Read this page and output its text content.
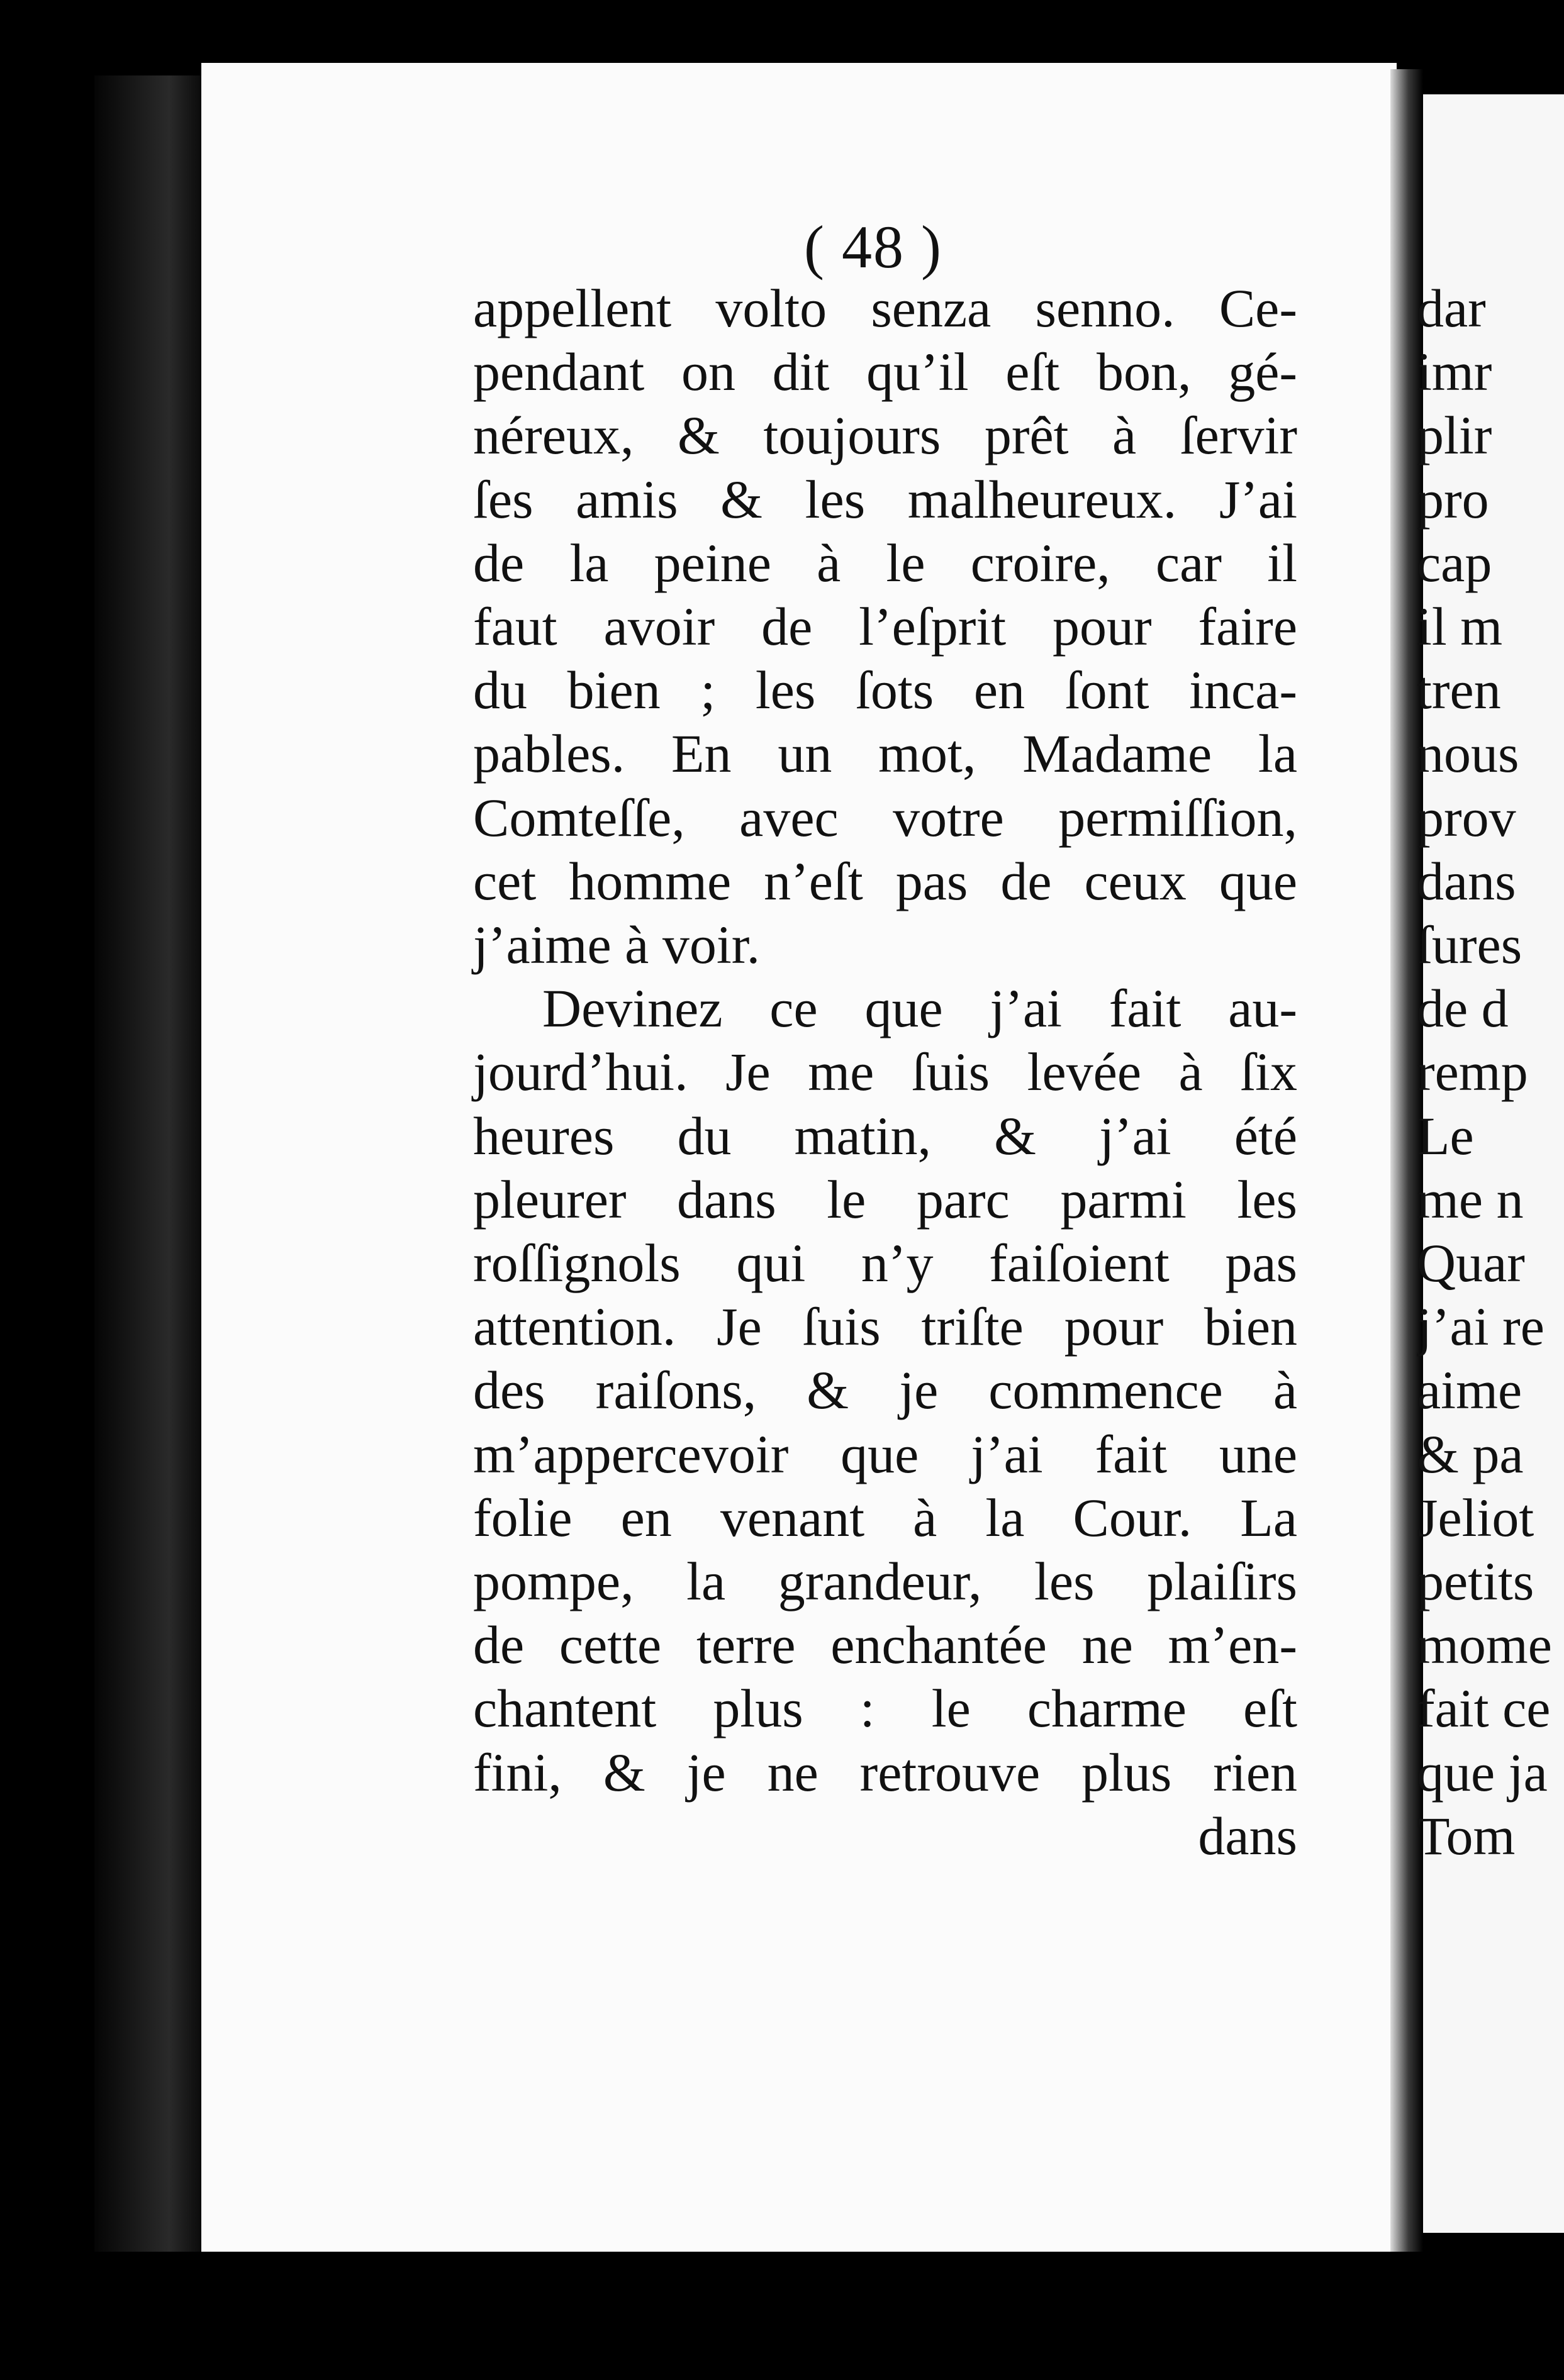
( 48 )
appellent volto senza senno. Ce-
pendant on dit qu’il eſt bon, gé-
néreux, & toujours prêt à ſervir
ſes amis & les malheureux. J’ai
de la peine à le croire, car il
faut avoir de l’eſprit pour faire
du bien ; les ſots en ſont inca-
pables. En un mot, Madame la
Comteſſe, avec votre permiſſion,
cet homme n’eſt pas de ceux que
j’aime à voir.
Devinez ce que j’ai fait au-
jourd’hui. Je me ſuis levée à ſix
heures du matin, & j’ai été
pleurer dans le parc parmi les
roſſignols qui n’y faiſoient pas
attention. Je ſuis triſte pour bien
des raiſons, & je commence à
m’appercevoir que j’ai fait une
folie en venant à la Cour. La
pompe, la grandeur, les plaiſirs
de cette terre enchantée ne m’en-
chantent plus : le charme eſt
fini, & je ne retrouve plus rien
dans
dar
imr
plir
pro
cap
il m
tren
nous
prov
dans
ſures
de d
remp
Le
me n
Quar
j’ai re
aime
& pa
Jeliot
petits
mome
fait ce
que ja
Tom
